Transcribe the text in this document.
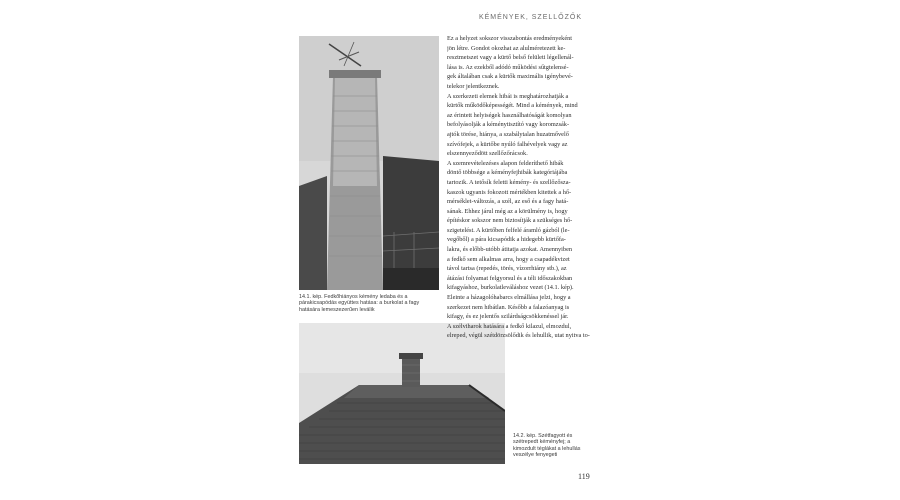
KÉMÉNYEK, SZELLŐZŐK
14.1. kép. Fedkőhiányos kémény ledaba és a párakicsapódás együttes hatása: a burkolat a fagy hatására lemeszezerűen leválik
14.2. kép. Szétfagyott és szétrepedt kéményfej; a kimozdult téglákat a lehullás veszélye fenyegeti
Ez a helyzet sokszor visszabontás eredményeként
jön létre. Gondot okozhat az alulméretezett ke-
resztmetszet vagy a kürtő belső felületi légellenál-
lása is. Az ezekből adódó működési sűtgtelensé-
gek általában csak a kürtők maximális igénybevé-
telekor jelentkeznek.
A szerkezeti elemek hibái is meghatározhatják a
kürtők működőképességét. Mind a kémények, mind
az érintett helyiségek használhatóságát komolyan
befolyásolják a kéménytisztító vagy koromzsák-
ajtók törése, hiánya, a szabálytalan huzatmővelő
szívófejek, a kürtőbe nyúló falhévelyek vagy az
elszennyeződött szellőzőrácsok.
A szemrevételezéses alapon felderíthető hibák
döntő többsége a kéményfejhibák kategóriájába
tartozik. A tetősík feletti kémény- és szellőzősza-
kaszok ugyanis fokozott mértékben kitettek a hő-
mérséklet-változás, a szél, az eső és a fagy hatá-
sának. Ehhez járul még az a körülmény is, hogy
építéskor sokszor nem biztosítják a szükséges hő-
szigetelést. A kürtőben felfelé áramló gázból (le-
vegőből) a pára kicsapódik a hidegebb kürtőfa-
lakra, és előbb-utóbb átitatja azokat. Amennyiben
a fedkő sem alkalmas arra, hogy a csapadékvizet
távol tartsa (repedés, törés, vízorrhiány stb.), az
átázási folyamat felgyorsul és a téli időszakokban
kifagyáshoz, burkolatleváláshoz vezet (14.1. kép).
Eleinte a házagolóhabarcs elmállása jelzi, hogy a
szerkezet nem hibátlan. Később a falazóanyag is
kifagy, és ez jelentős szilárdságcsökkenéssel jár.
A szélviharok hatására a fedkő kilazul, elmozdul,
elreped, végül szétdörzsölődik és lehullik, utat nyitva to-
119
